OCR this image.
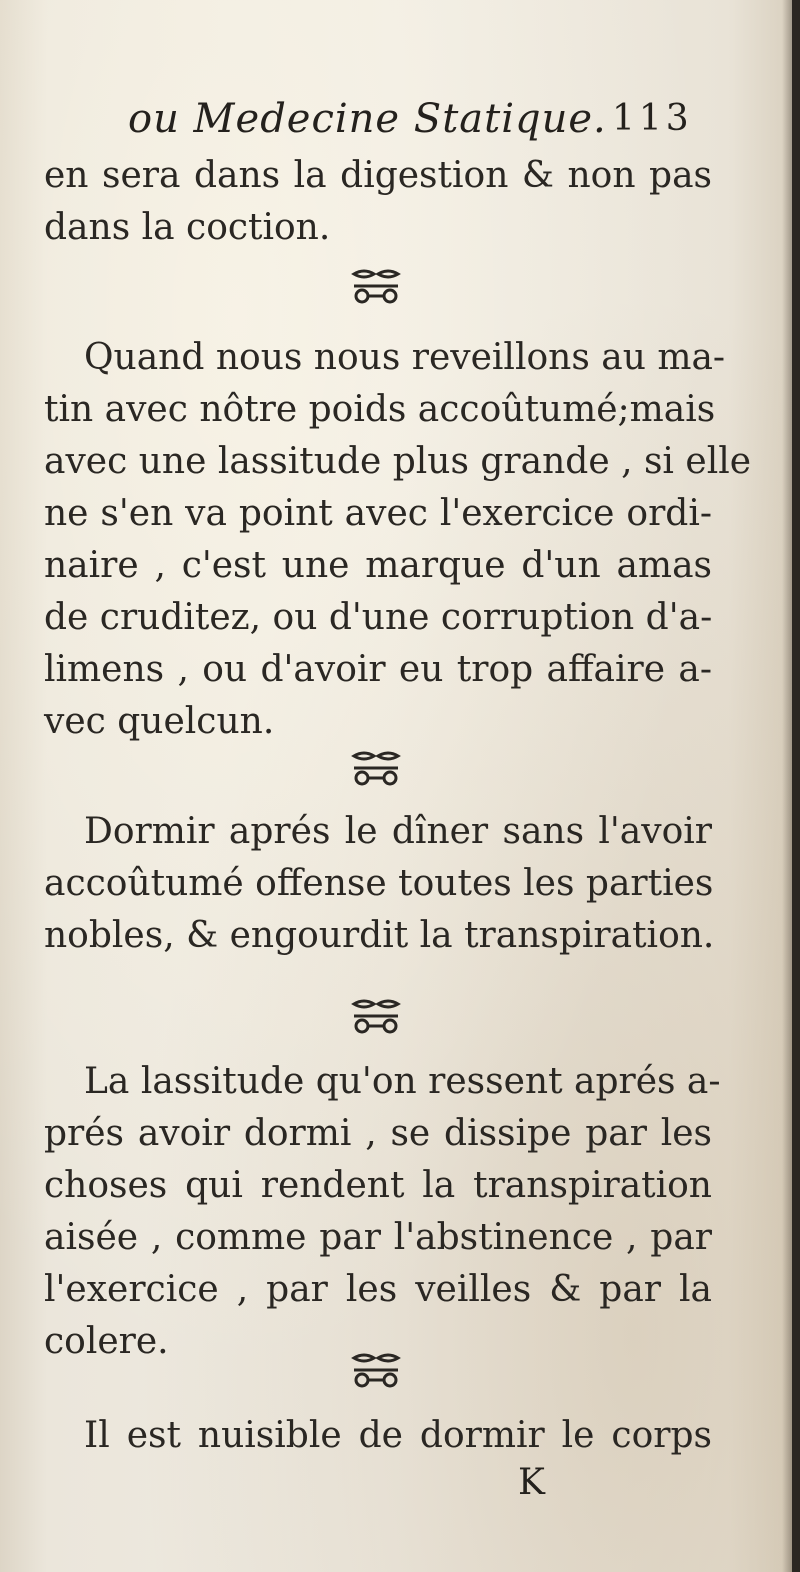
ou Medecine Statique. 113
en sera dans la digestion & non pas
dans la coction.
Quand nous nous reveillons au ma-
tin avec nôtre poids accoûtumé;mais
avec une lassitude plus grande , si elle
ne s'en va point avec l'exercice ordi-
naire , c'est une marque d'un amas
de cruditez, ou d'une corruption d'a-
limens , ou d'avoir eu trop affaire a-
vec quelcun.
Dormir aprés le dîner sans l'avoir
accoûtumé offense toutes les parties
nobles, & engourdit la transpiration.
La lassitude qu'on ressent aprés a-
prés avoir dormi , se dissipe par les
choses qui rendent la transpiration
aisée , comme par l'abstinence , par
l'exercice , par les veilles & par la
colere.
Il est nuisible de dormir le corps
K
